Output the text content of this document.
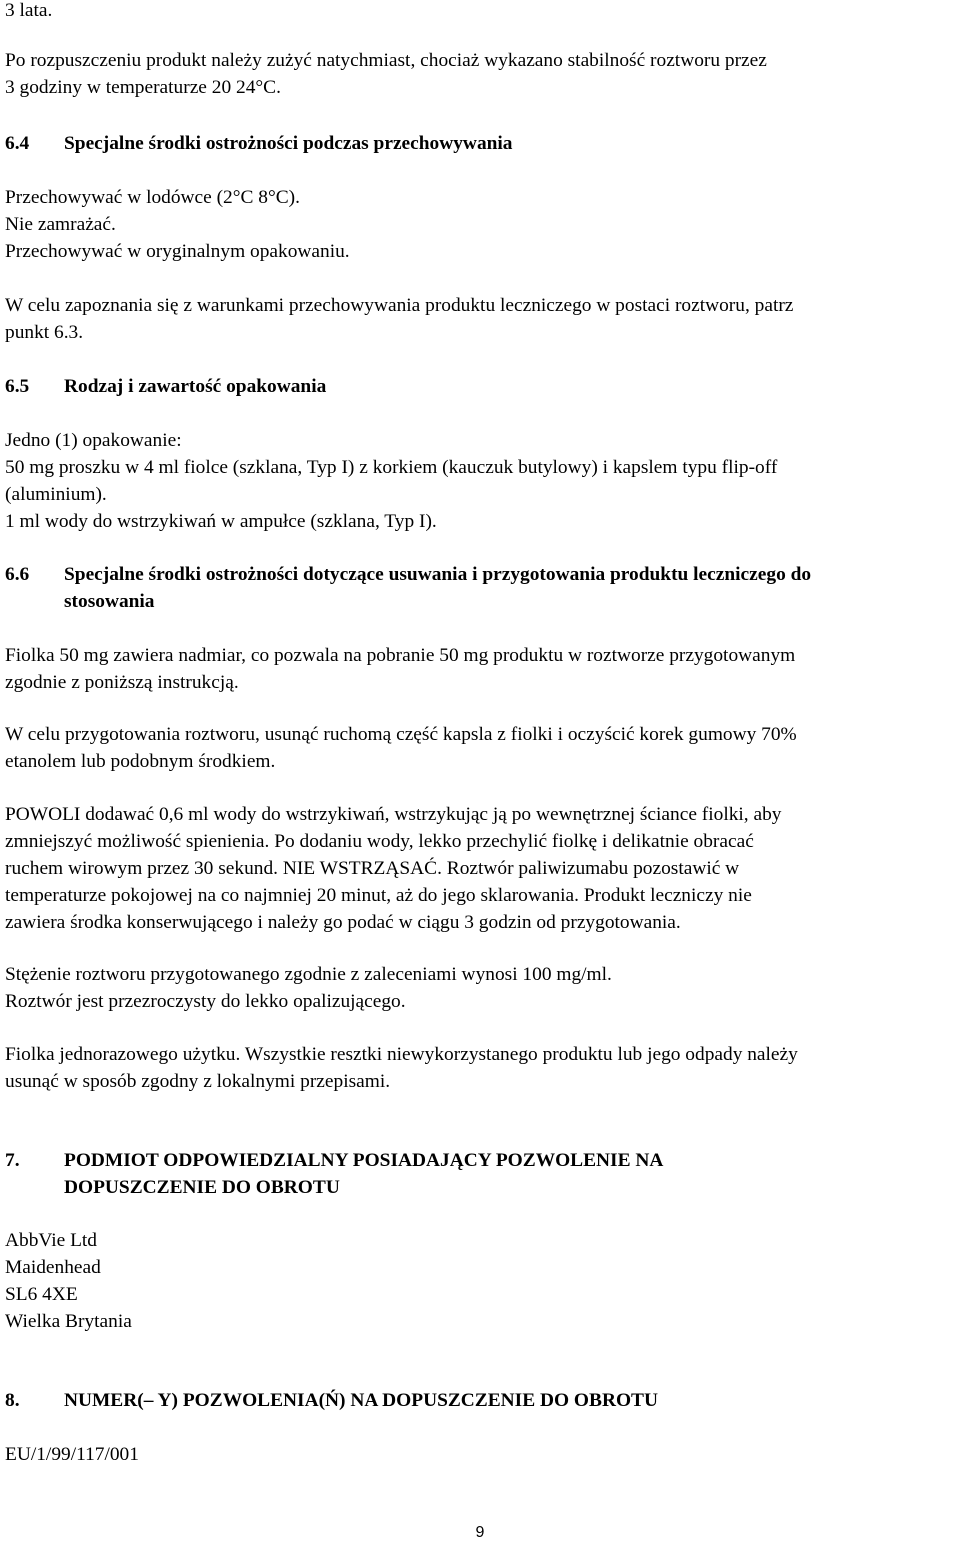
3 lata.
Po rozpuszczeniu produkt należy zużyć natychmiast, chociaż wykazano stabilność roztworu przez
3 godziny w temperaturze 20 24°C.
6.4 Specjalne środki ostrożności podczas przechowywania
Przechowywać w lodówce (2°C 8°C).
Nie zamrażać.
Przechowywać w oryginalnym opakowaniu.
W celu zapoznania się z warunkami przechowywania produktu leczniczego w postaci roztworu, patrz
punkt 6.3.
6.5 Rodzaj i zawartość opakowania
Jedno (1) opakowanie:
50 mg proszku w 4 ml fiolce (szklana, Typ I) z korkiem (kauczuk butylowy) i kapslem typu flip-off
(aluminium).
1 ml wody do wstrzykiwań w ampułce (szklana, Typ I).
6.6 Specjalne środki ostrożności dotyczące usuwania i przygotowania produktu leczniczego do
stosowania
Fiolka 50 mg zawiera nadmiar, co pozwala na pobranie 50 mg produktu w roztworze przygotowanym
zgodnie z poniższą instrukcją.
W celu przygotowania roztworu, usunąć ruchomą część kapsla z fiolki i oczyścić korek gumowy 70%
etanolem lub podobnym środkiem.
POWOLI dodawać 0,6 ml wody do wstrzykiwań, wstrzykując ją po wewnętrznej ściance fiolki, aby
zmniejszyć możliwość spienienia. Po dodaniu wody, lekko przechylić fiolkę i delikatnie obracać
ruchem wirowym przez 30 sekund. NIE WSTRZĄSAĆ. Roztwór paliwizumabu pozostawić w
temperaturze pokojowej na co najmniej 20 minut, aż do jego sklarowania. Produkt leczniczy nie
zawiera środka konserwującego i należy go podać w ciągu 3 godzin od przygotowania.
Stężenie roztworu przygotowanego zgodnie z zaleceniami wynosi 100 mg/ml.
Roztwór jest przezroczysty do lekko opalizującego.
Fiolka jednorazowego użytku. Wszystkie resztki niewykorzystanego produktu lub jego odpady należy
usunąć w sposób zgodny z lokalnymi przepisami.
7. PODMIOT ODPOWIEDZIALNY POSIADAJĄCY POZWOLENIE NA
DOPUSZCZENIE DO OBROTU
AbbVie Ltd
Maidenhead
SL6 4XE
Wielka Brytania
8. NUMER(– Y) POZWOLENIA(Ń) NA DOPUSZCZENIE DO OBROTU
EU/1/99/117/001
9
